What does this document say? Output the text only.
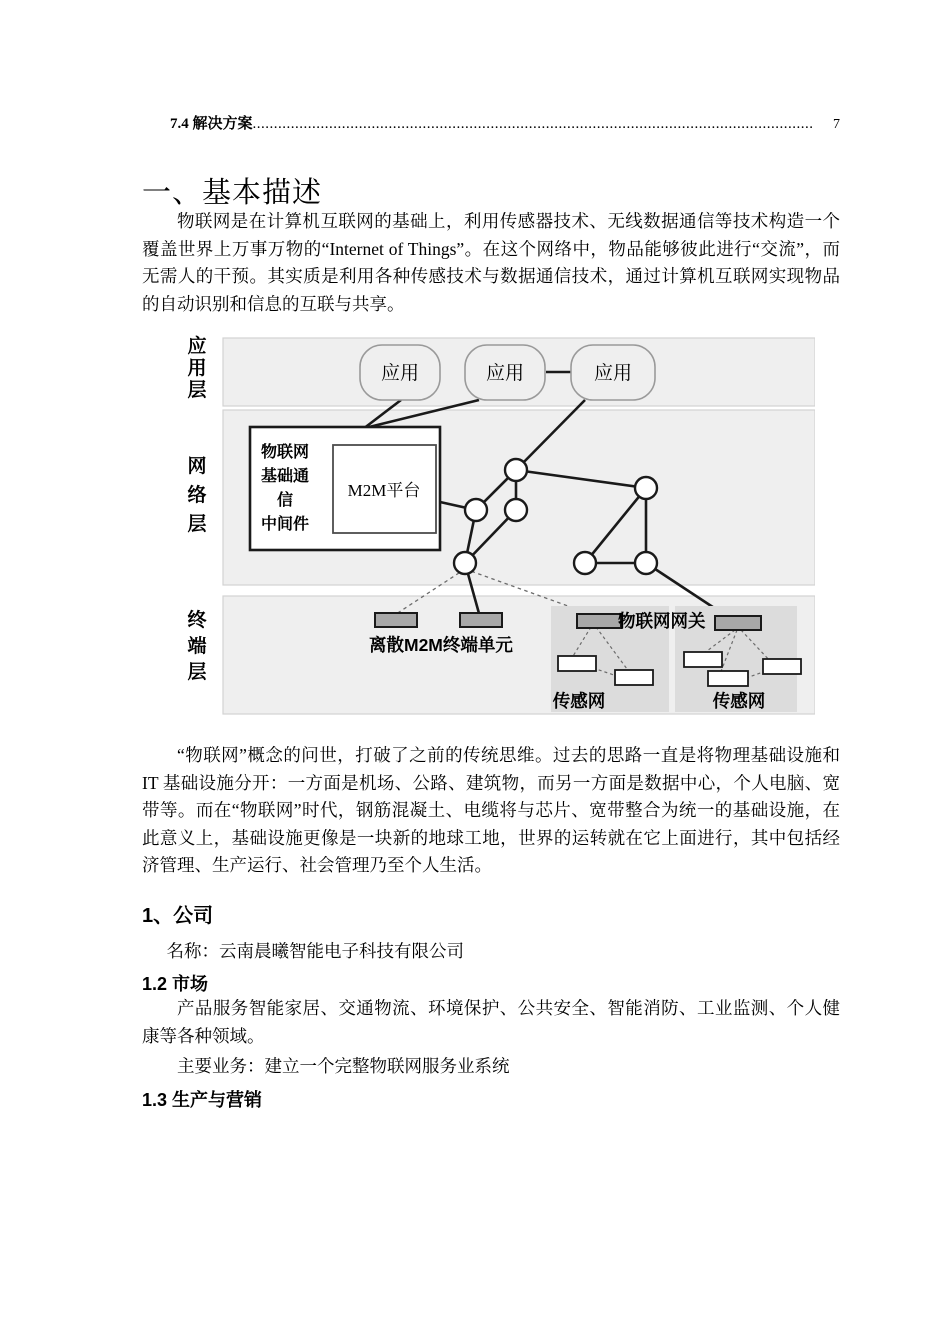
7.4 解决方案 ....................................................................................................................................	7
一、基本描述
物联网是在计算机互联网的基础上，利用传感器技术、无线数据通信等技术构造一个覆盖世界上万事万物的“Internet of Things”。在这个网络中，物品能够彼此进行“交流”，而无需人的干预。其实质是利用各种传感技术与数据通信技术，通过计算机互联网实现物品的自动识别和信息的互联与共享。
应
用
层
网
络
层
终
端
层
应用	应用	应用
物联网
基础通
信
中间件
M2M平台
离散M2M终端单元
传感网
物联网网关
传感网
“物联网”概念的问世，打破了之前的传统思维。过去的思路一直是将物理基础设施和 IT 基础设施分开：一方面是机场、公路、建筑物，而另一方面是数据中心，个人电脑、宽带等。而在“物联网”时代，钢筋混凝土、电缆将与芯片、宽带整合为统一的基础设施，在此意义上，基础设施更像是一块新的地球工地，世界的运转就在它上面进行，其中包括经济管理、生产运行、社会管理乃至个人生活。
1、公司
名称：云南晨曦智能电子科技有限公司
1.2 市场
产品服务智能家居、交通物流、环境保护、公共安全、智能消防、工业监测、个人健康等各种领域。
主要业务：建立一个完整物联网服务业系统
1.3 生产与营销
